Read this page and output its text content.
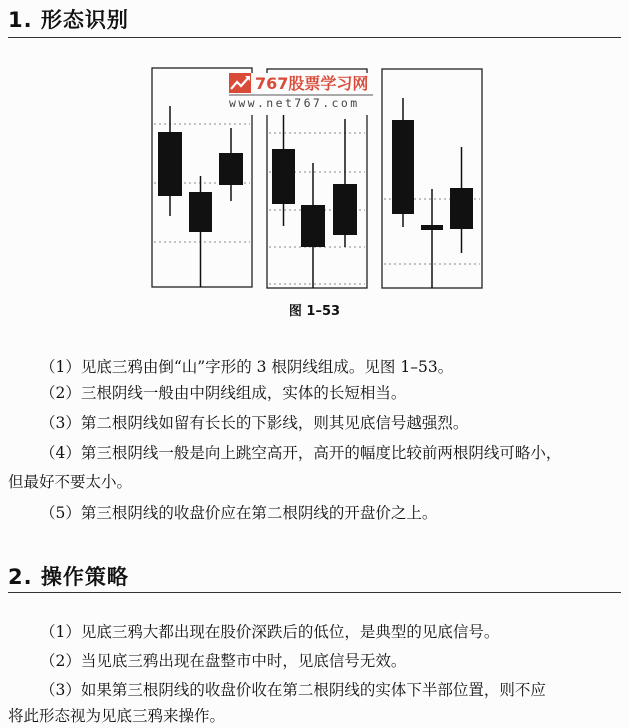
1. 形态识别
767股票学习网
www.net767.com
图 1–53
（1）见底三鸦由倒“山”字形的 3 根阴线组成。见图 1–53。
（2）三根阴线一般由中阴线组成，实体的长短相当。
（3）第二根阴线如留有长长的下影线，则其见底信号越强烈。
（4）第三根阴线一般是向上跳空高开，高开的幅度比较前两根阴线可略小，
但最好不要太小。
（5）第三根阴线的收盘价应在第二根阴线的开盘价之上。
2. 操作策略
（1）见底三鸦大都出现在股价深跌后的低位，是典型的见底信号。
（2）当见底三鸦出现在盘整市中时，见底信号无效。
（3）如果第三根阴线的收盘价收在第二根阴线的实体下半部位置，则不应
将此形态视为见底三鸦来操作。
